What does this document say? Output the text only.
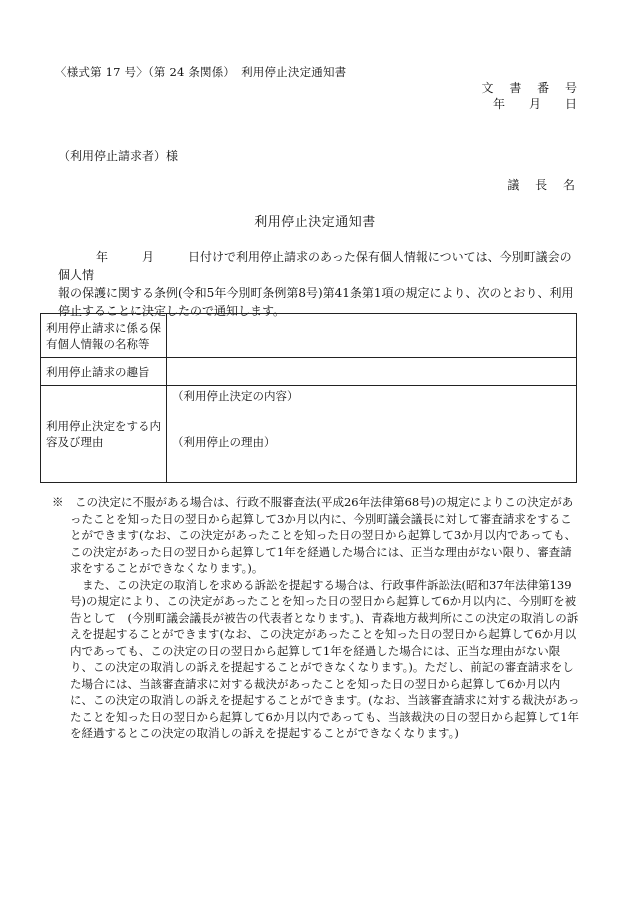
〈様式第 17 号〉（第 24 条関係）　利用停止決定通知書
文 書 番 号
年　月　日
（利用停止請求者）様
議 長 名
利用停止決定通知書

年	月	日付けで利用停止請求のあった保有個人情報については、今別町議会の個人情

報の保護に関する条例(令和5年今別町条例第8号)第41条第1項の規定により、次のとおり、利用停止することに決定したので通知します。

利用停止請求に係る保有個人情報の名称等	
利用停止請求の趣旨	
利用停止決定をする内容及び理由	（利用停止決定の内容）
（利用停止の理由）

※　この決定に不服がある場合は、行政不服審査法(平成26年法律第68号)の規定によりこの決定があったことを知った日の翌日から起算して3か月以内に、今別町議会議長に対して審査請求をすることができます(なお、この決定があったことを知った日の翌日から起算して3か月以内であっても、この決定があった日の翌日から起算して1年を経過した場合には、正当な理由がない限り、審査請求をすることができなくなります。)。

また、この決定の取消しを求める訴訟を提起する場合は、行政事件訴訟法(昭和37年法律第139号)の規定により、この決定があったことを知った日の翌日から起算して6か月以内に、今別町を被告として　(今別町議会議長が被告の代表者となります。)、青森地方裁判所にこの決定の取消しの訴えを提起することができます(なお、この決定があったことを知った日の翌日から起算して6か月以内であっても、この決定の日の翌日から起算して1年を経過した場合には、正当な理由がない限り、この決定の取消しの訴えを提起することができなくなります。)。ただし、前記の審査請求をした場合には、当該審査請求に対する裁決があったことを知った日の翌日から起算して6か月以内に、この決定の取消しの訴えを提起することができます。(なお、当該審査請求に対する裁決があったことを知った日の翌日から起算して6か月以内であっても、当該裁決の日の翌日から起算して1年を経過するとこの決定の取消しの訴えを提起することができなくなります。)
